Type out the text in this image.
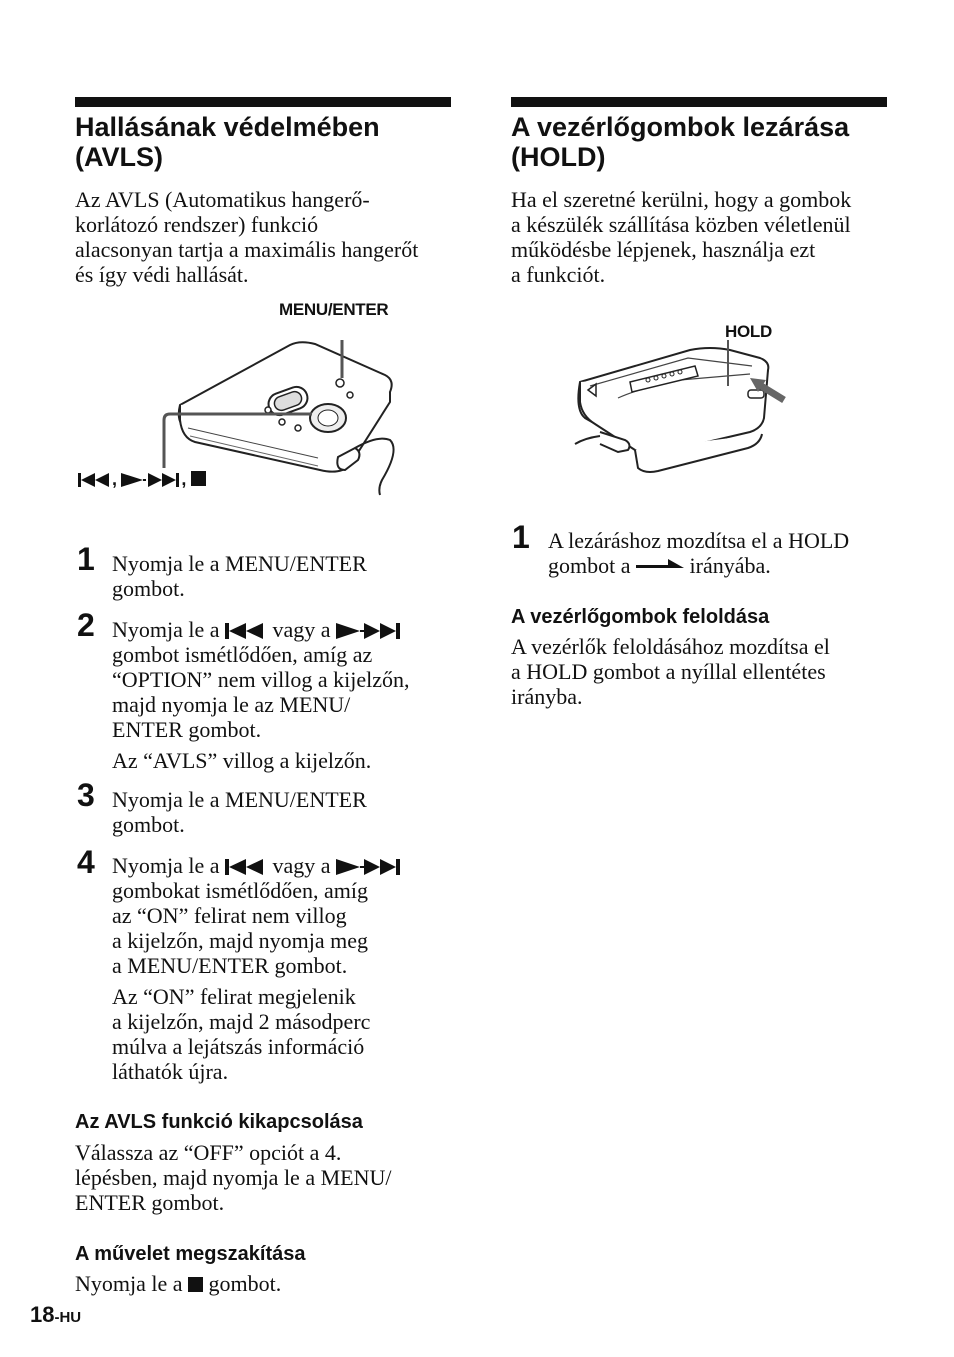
Hallásának védelmében
(AVLS)
Az AVLS (Automatikus hangerő-
korlátozó rendszer) funkció
alacsonyan tartja a maximális hangerőt
és így védi hallását.
MENU/ENTER
,	,
1 Nyomja le a MENU/ENTER
gombot.
2 Nyomja le a vagy a
gombot ismétlődően, amíg az
“OPTION” nem villog a kijelzőn,
majd nyomja le az MENU/
ENTER gombot.
Az “AVLS” villog a kijelzőn.
3 Nyomja le a MENU/ENTER
gombot.
4 Nyomja le a vagy a
gombokat ismétlődően, amíg
az “ON” felirat nem villog
a kijelzőn, majd nyomja meg
a MENU/ENTER gombot.
Az “ON” felirat megjelenik
a kijelzőn, majd 2 másodperc
múlva a lejátszás információ
láthatók újra.
Az AVLS funkció kikapcsolása
Válassza az “OFF” opciót a 4.
lépésben, majd nyomja le a MENU/
ENTER gombot.
A művelet megszakítása
Nyomja le a gombot.
A vezérlőgombok lezárása
(HOLD)
Ha el szeretné kerülni, hogy a gombok
a készülék szállítása közben véletlenül
működésbe lépjenek, használja ezt
a funkciót.
HOLD
1 A lezáráshoz mozdítsa el a HOLD
gombot a	irányába.
A vezérlőgombok feloldása
A vezérlők feloldásához mozdítsa el
a HOLD gombot a nyíllal ellentétes
irányba.
18-HU
